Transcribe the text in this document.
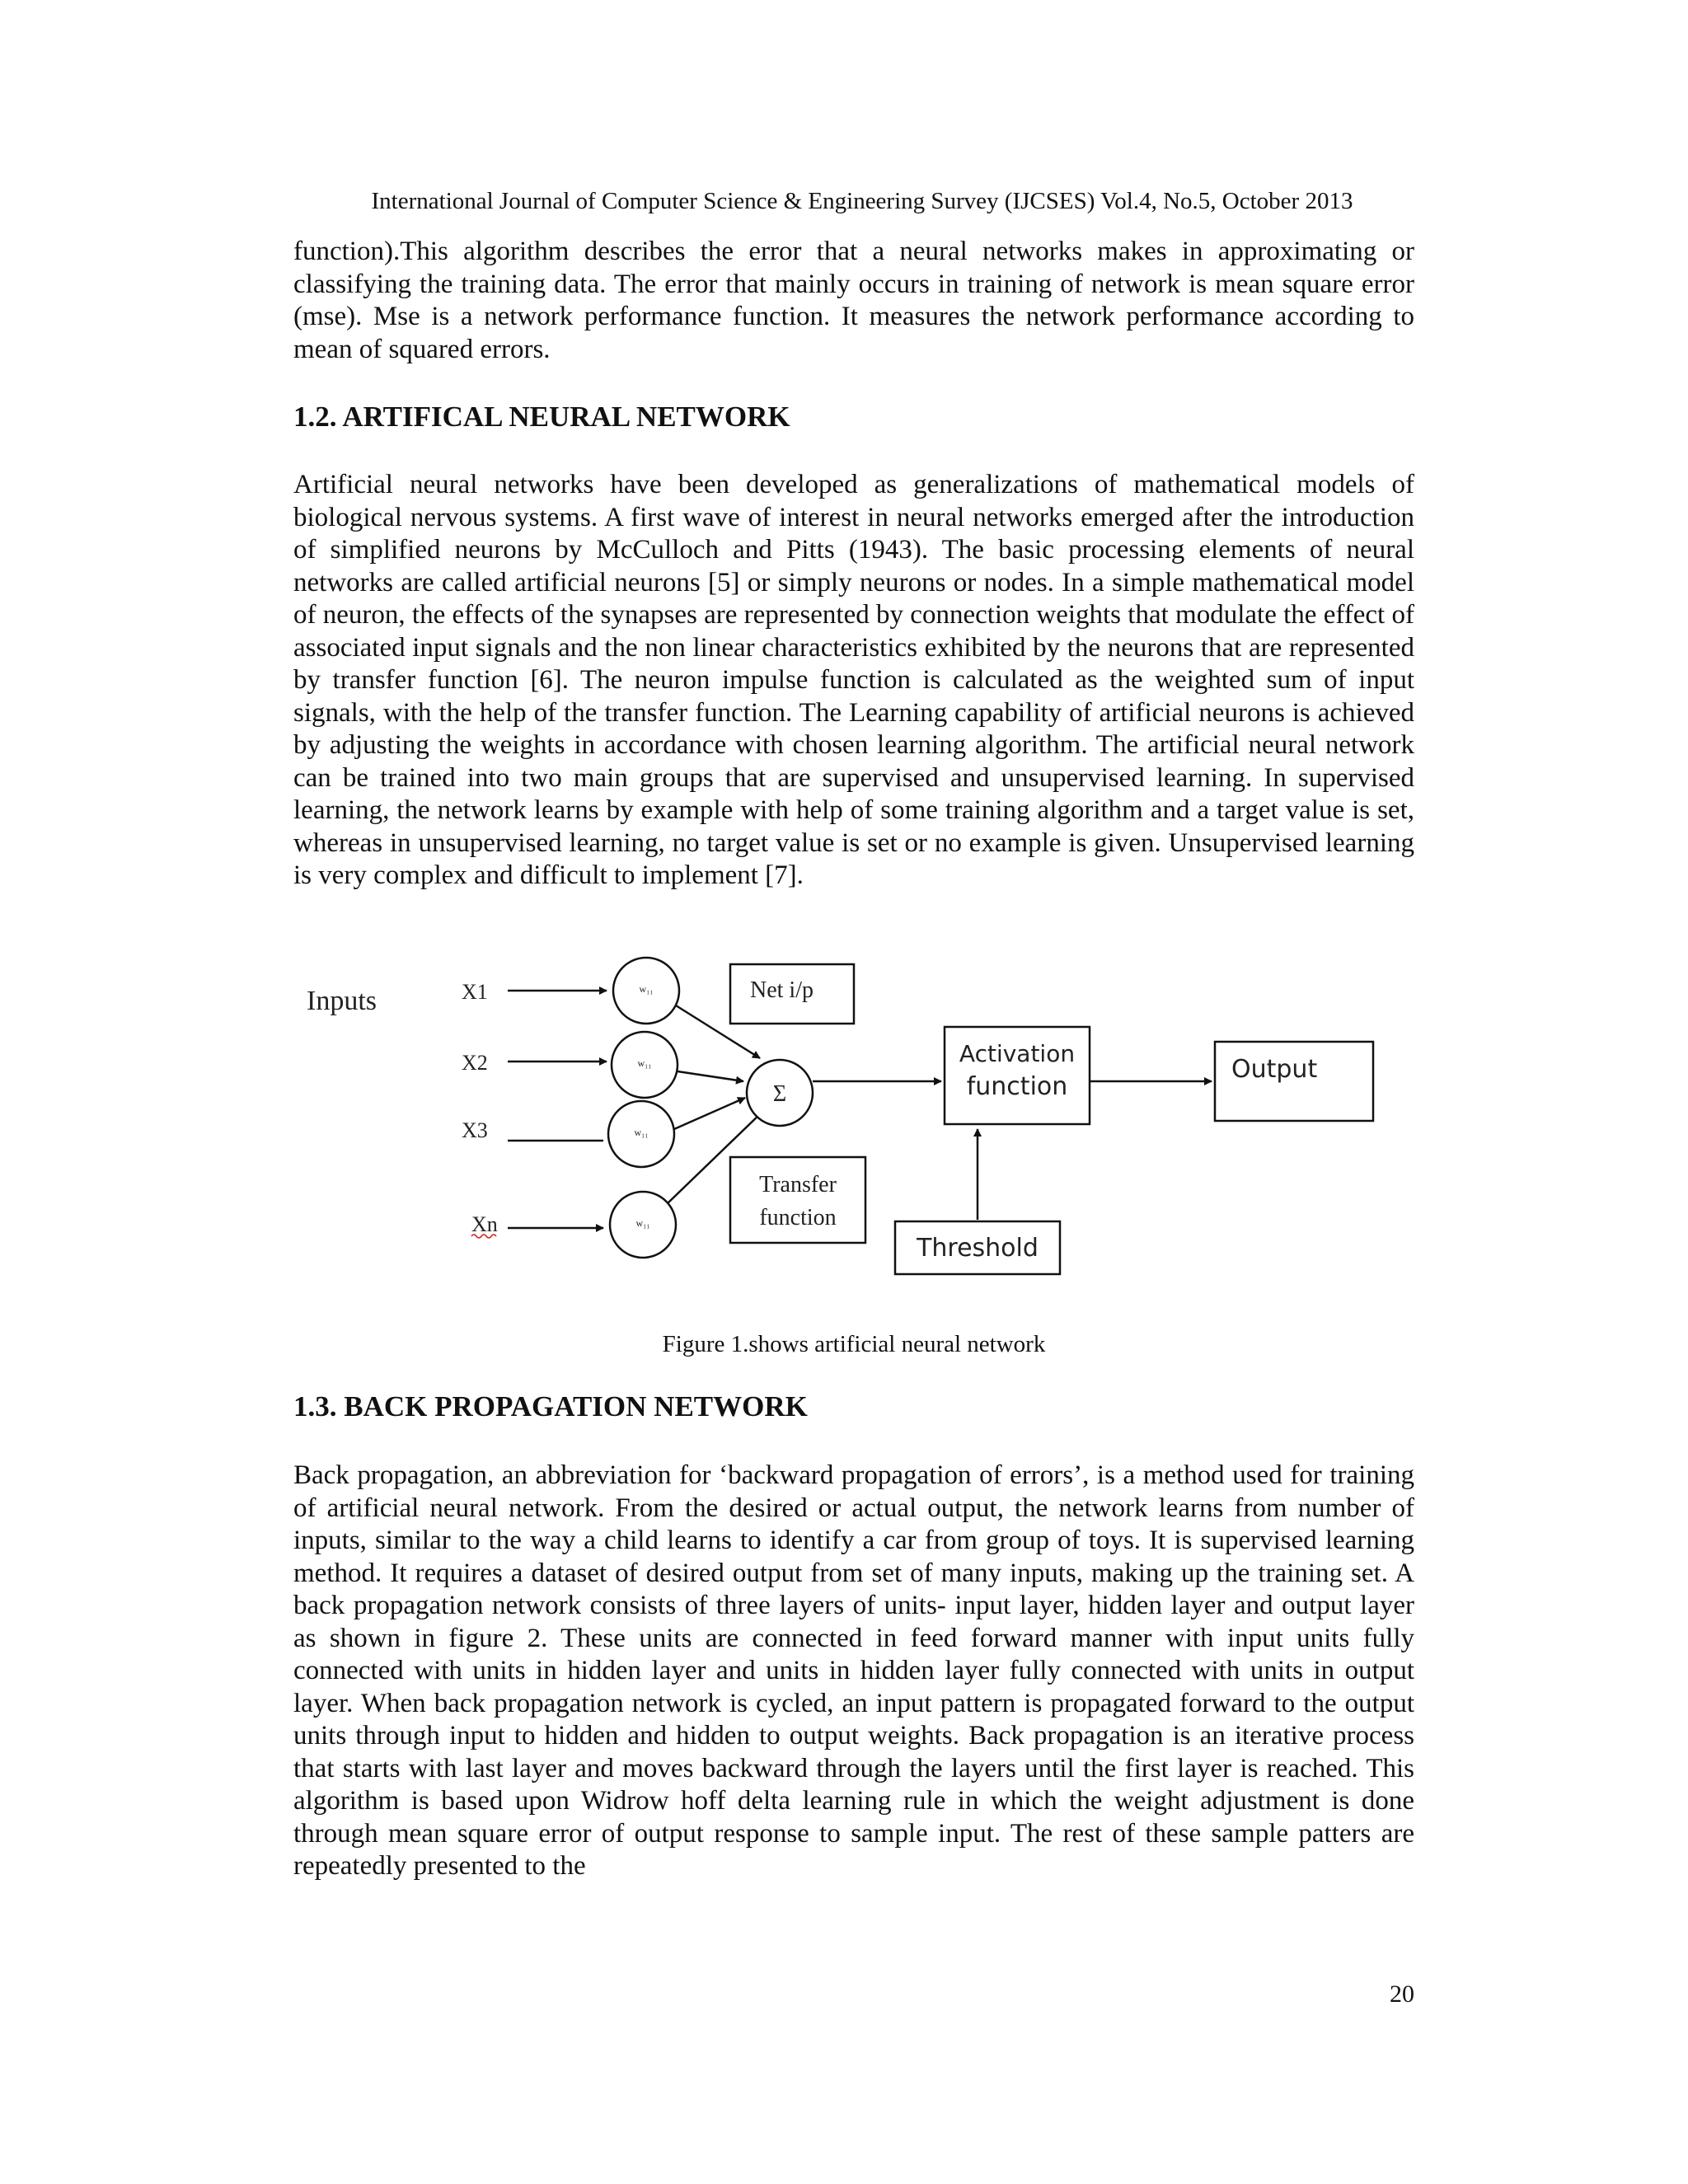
International Journal of Computer Science & Engineering Survey (IJCSES) Vol.4, No.5, October 2013
function).This algorithm describes the error that a neural networks makes in approximating or classifying the training data. The error that mainly occurs in training of network is mean square error (mse). Mse is a network performance function. It measures the network performance according to mean of squared errors.
1.2. ARTIFICAL NEURAL NETWORK
Artificial neural networks have been developed as generalizations of mathematical models of biological nervous systems. A first wave of interest in neural networks emerged after the introduction of simplified neurons by McCulloch and Pitts (1943). The basic processing elements of neural networks are called artificial neurons [5] or simply neurons or nodes. In a simple mathematical model of neuron, the effects of the synapses are represented by connection weights that modulate the effect of associated input signals and the non linear characteristics exhibited by the neurons that are represented by transfer function [6]. The neuron impulse function is calculated as the weighted sum of input signals, with the help of the transfer function. The Learning capability of artificial neurons is achieved by adjusting the weights in accordance with chosen learning algorithm. The artificial neural network can be trained into two main groups that are supervised and unsupervised learning. In supervised learning, the network learns by example with help of some training algorithm and a target value is set, whereas in unsupervised learning, no target value is set or no example is given. Unsupervised learning is very complex and difficult to implement [7].
Inputs	X1
X2
X3
Xn
w₁₁
w₁₁
w₁₁
w₁₁
Σ
Net i/p
Transfer
function
Activation
function
Output
Threshold
Figure 1.shows artificial neural network
1.3. BACK PROPAGATION NETWORK
Back propagation, an abbreviation for ‘backward propagation of errors’, is a method used for training of artificial neural network. From the desired or actual output, the network learns from number of inputs, similar to the way a child learns to identify a car from group of toys. It is supervised learning method. It requires a dataset of desired output from set of many inputs, making up the training set. A back propagation network consists of three layers of units- input layer, hidden layer and output layer as shown in figure 2. These units are connected in feed forward manner with input units fully connected with units in hidden layer and units in hidden layer fully connected with units in output layer. When back propagation network is cycled, an input pattern is propagated forward to the output units through input to hidden and hidden to output weights. Back propagation is an iterative process that starts with last layer and moves backward through the layers until the first layer is reached. This algorithm is based upon Widrow hoff delta learning rule in which the weight adjustment is done through mean square error of output response to sample input. The rest of these sample patters are repeatedly presented to the
20
